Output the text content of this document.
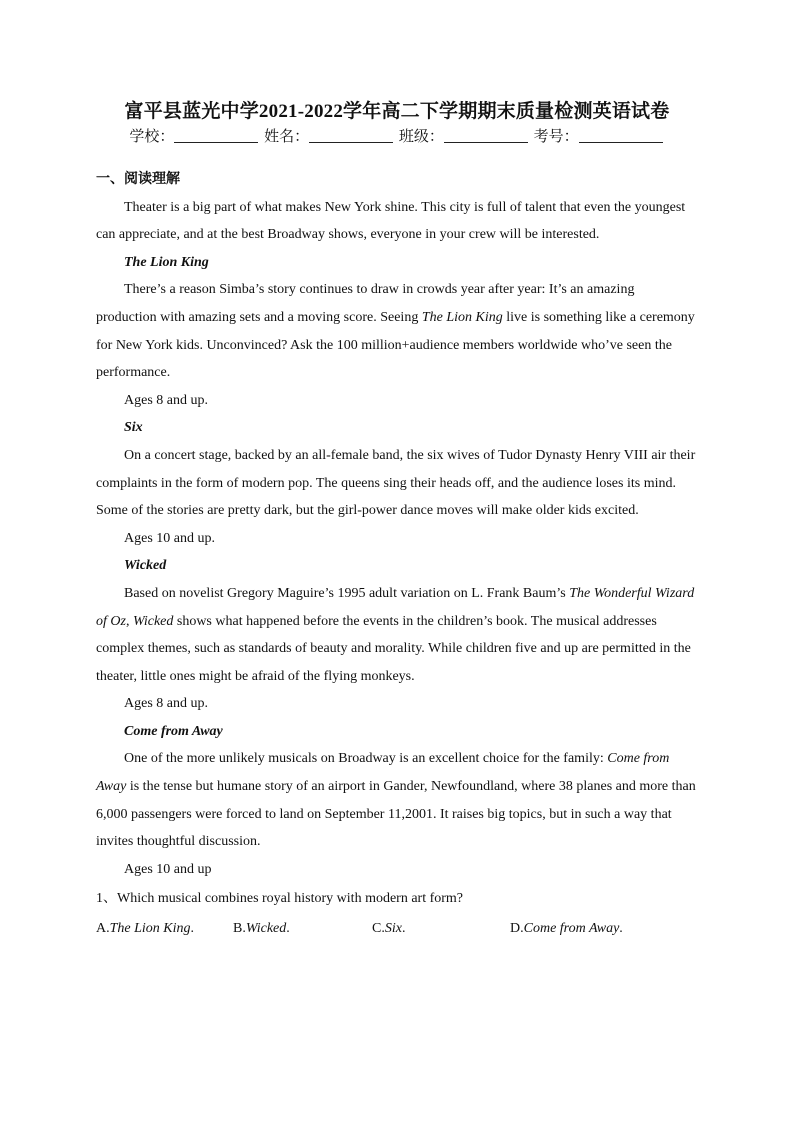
富平县蓝光中学2021-2022学年高二下学期期末质量检测英语试卷
学校：	姓名：	班级：	考号：

一、阅读理解

Theater is a big part of what makes New York shine. This city is full of talent that even the youngest can appreciate, and at the best Broadway shows, everyone in your crew will be interested.

The Lion King

There’s a reason Simba’s story continues to draw in crowds year after year: It’s an amazing production with amazing sets and a moving score. Seeing The Lion King live is something like a ceremony for New York kids. Unconvinced? Ask the 100 million+audience members worldwide who’ve seen the performance.

Ages 8 and up.

Six

On a concert stage, backed by an all-female band, the six wives of Tudor Dynasty Henry VIII air their complaints in the form of modern pop. The queens sing their heads off, and the audience loses its mind. Some of the stories are pretty dark, but the girl-power dance moves will make older kids excited.

Ages 10 and up.

Wicked

Based on novelist Gregory Maguire’s 1995 adult variation on L. Frank Baum’s The Wonderful Wizard of Oz, Wicked shows what happened before the events in the children’s book. The musical addresses complex themes, such as standards of beauty and morality. While children five and up are permitted in the theater, little ones might be afraid of the flying monkeys.

Ages 8 and up.

Come from Away

One of the more unlikely musicals on Broadway is an excellent choice for the family: Come from Away is the tense but humane story of an airport in Gander, Newfoundland, where 38 planes and more than 6,000 passengers were forced to land on September 11,2001. It raises big topics, but in such a way that invites thoughtful discussion.

Ages 10 and up

1、Which musical combines royal history with modern art form?

A.The Lion King.	B.Wicked.	C.Six.	D.Come from Away.
